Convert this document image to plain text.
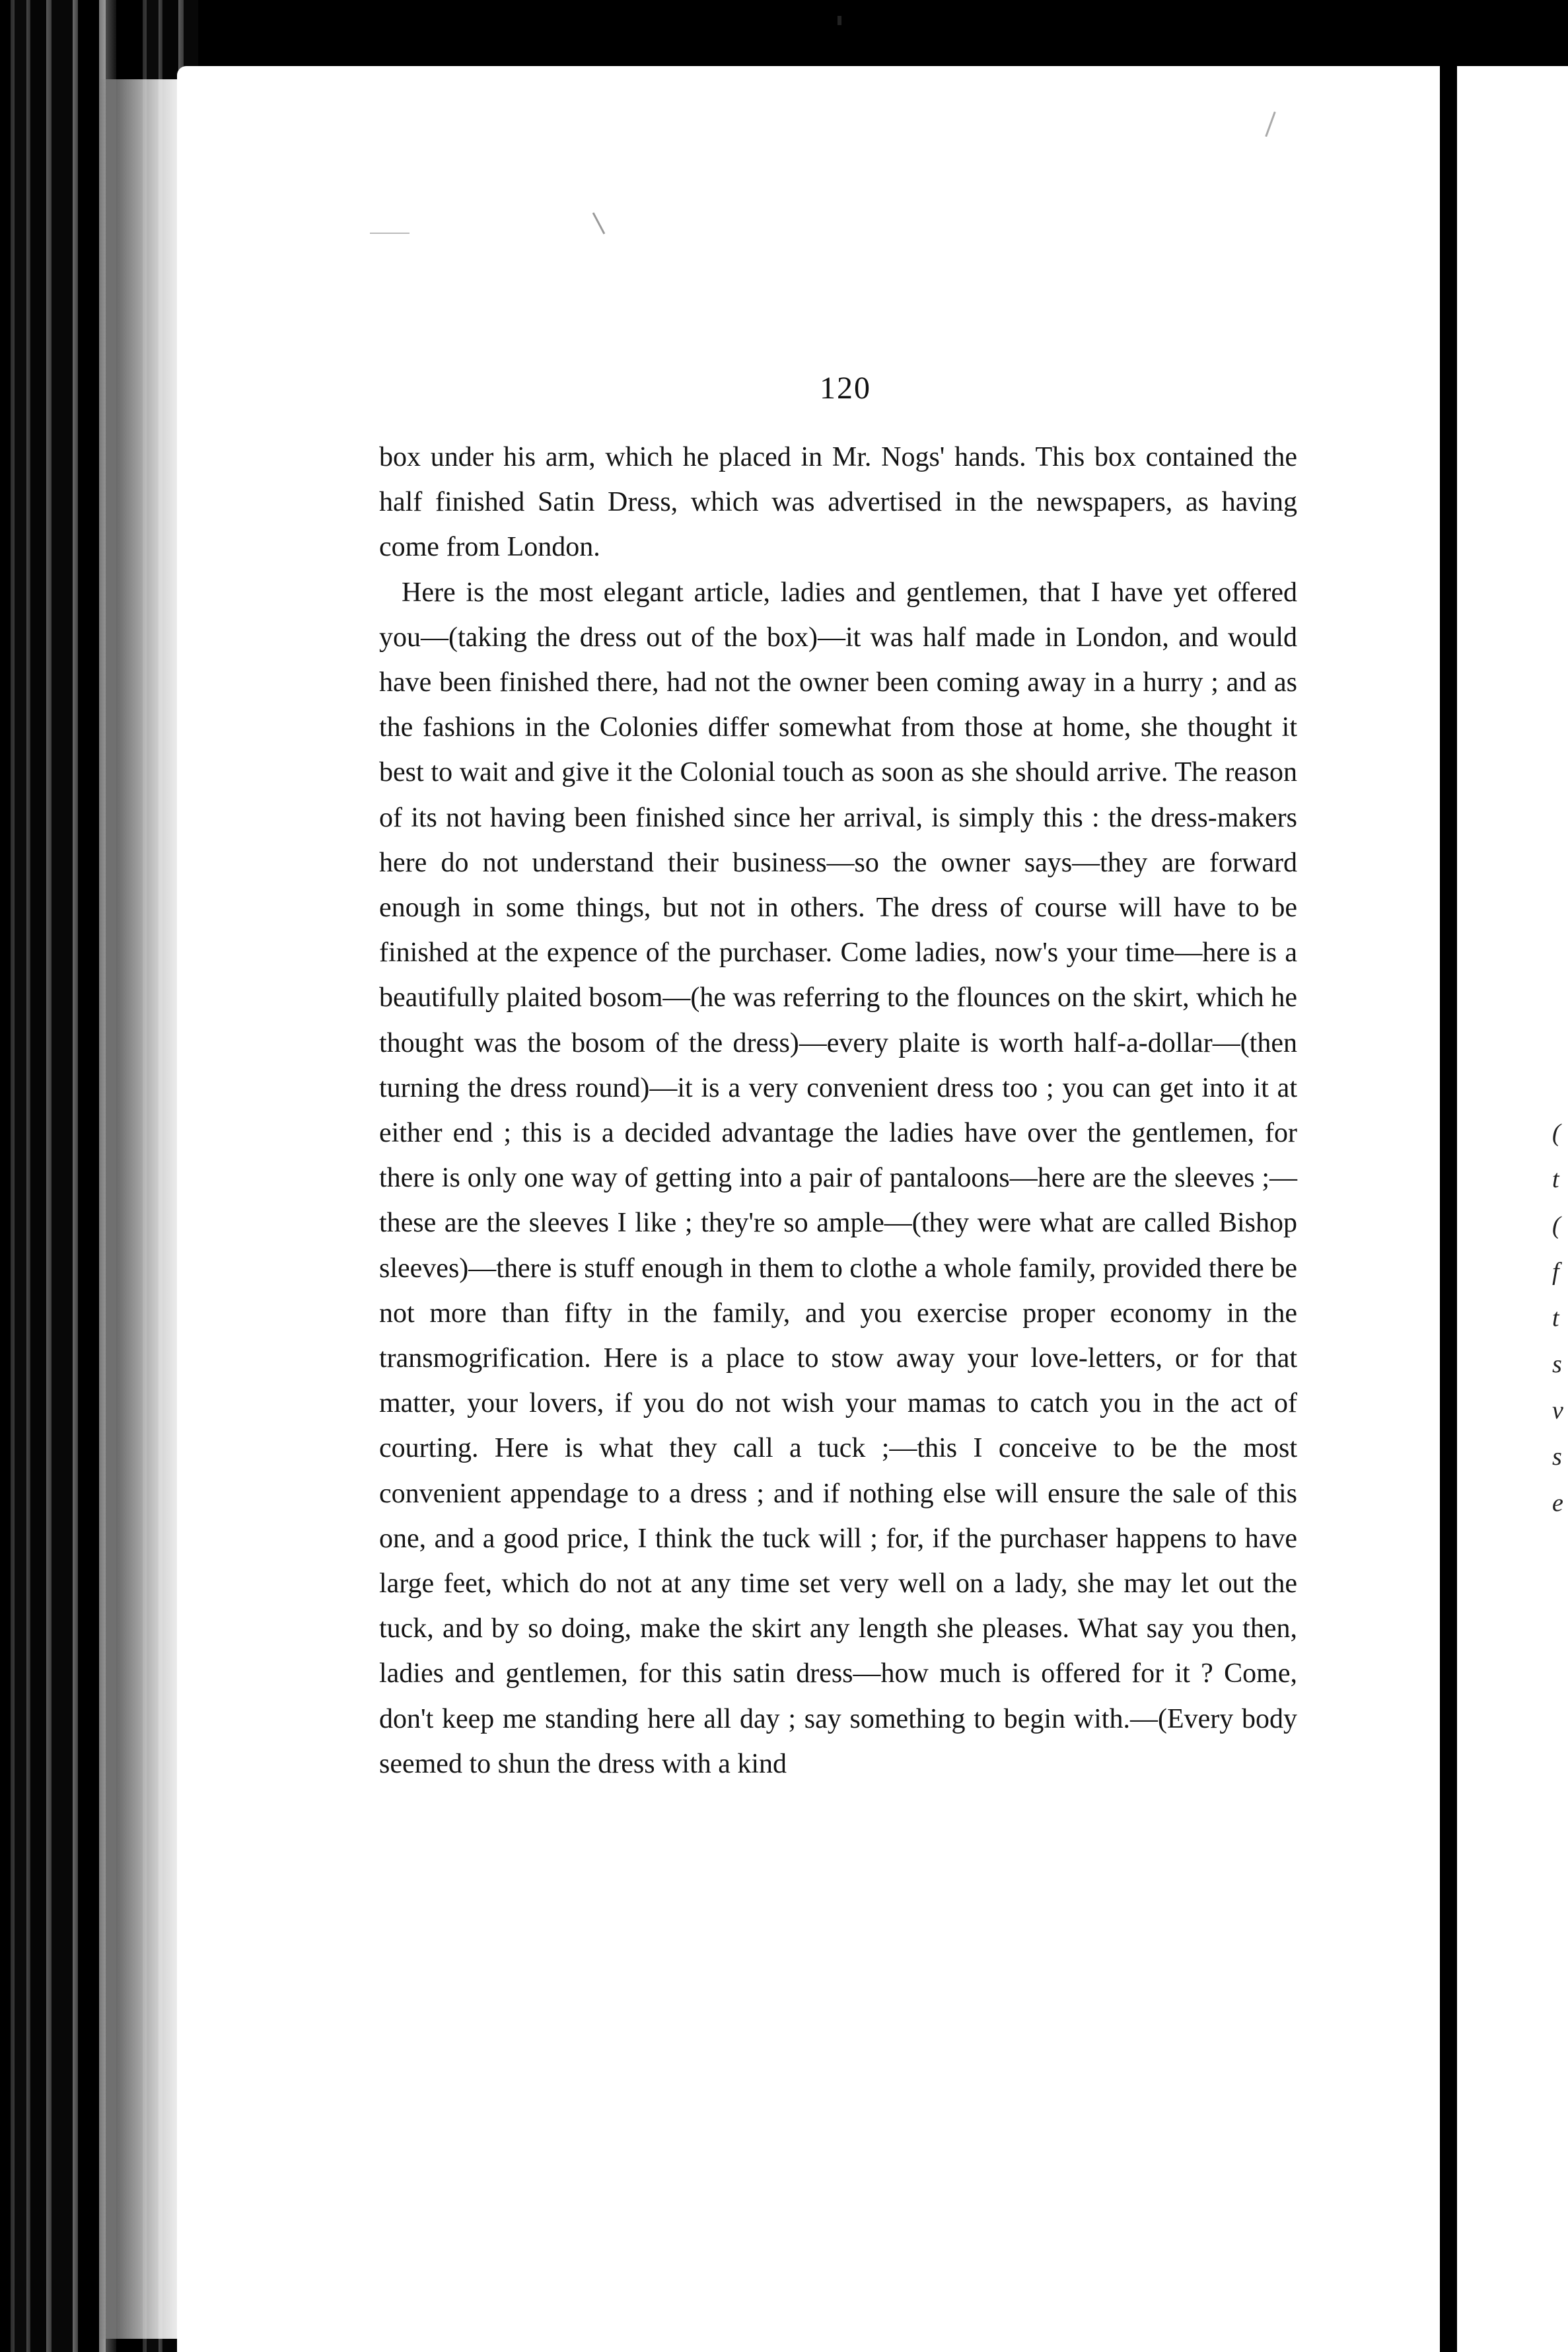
120

box under his arm, which he placed in Mr. Nogs' hands. This box contained the half finished Satin Dress, which was advertised in the newspapers, as having come from London.

Here is the most elegant article, ladies and gentlemen, that I have yet offered you—(taking the dress out of the box)—it was half made in London, and would have been finished there, had not the owner been coming away in a hurry ; and as the fashions in the Colonies differ somewhat from those at home, she thought it best to wait and give it the Colonial touch as soon as she should arrive. The reason of its not having been finished since her arrival, is simply this : the dress-makers here do not understand their business—so the owner says—they are forward enough in some things, but not in others. The dress of course will have to be finished at the expence of the purchaser. Come ladies, now's your time—here is a beautifully plaited bosom—(he was referring to the flounces on the skirt, which he thought was the bosom of the dress)—every plaite is worth half-a-dollar—(then turning the dress round)—it is a very convenient dress too ; you can get into it at either end ; this is a decided advantage the ladies have over the gentlemen, for there is only one way of getting into a pair of pantaloons—here are the sleeves ;—these are the sleeves I like ; they're so ample—(they were what are called Bishop sleeves)—there is stuff enough in them to clothe a whole family, provided there be not more than fifty in the family, and you exercise proper economy in the transmogrification. Here is a place to stow away your love-letters, or for that matter, your lovers, if you do not wish your mamas to catch you in the act of courting. Here is what they call a tuck ;—this I conceive to be the most convenient appendage to a dress ; and if nothing else will ensure the sale of this one, and a good price, I think the tuck will ; for, if the purchaser happens to have large feet, which do not at any time set very well on a lady, she may let out the tuck, and by so doing, make the skirt any length she pleases. What say you then, ladies and gentlemen, for this satin dress—how much is offered for it ? Come, don't keep me standing here all day ; say something to begin with.—(Every body seemed to shun the dress with a kind

( t ( f t s v s e
